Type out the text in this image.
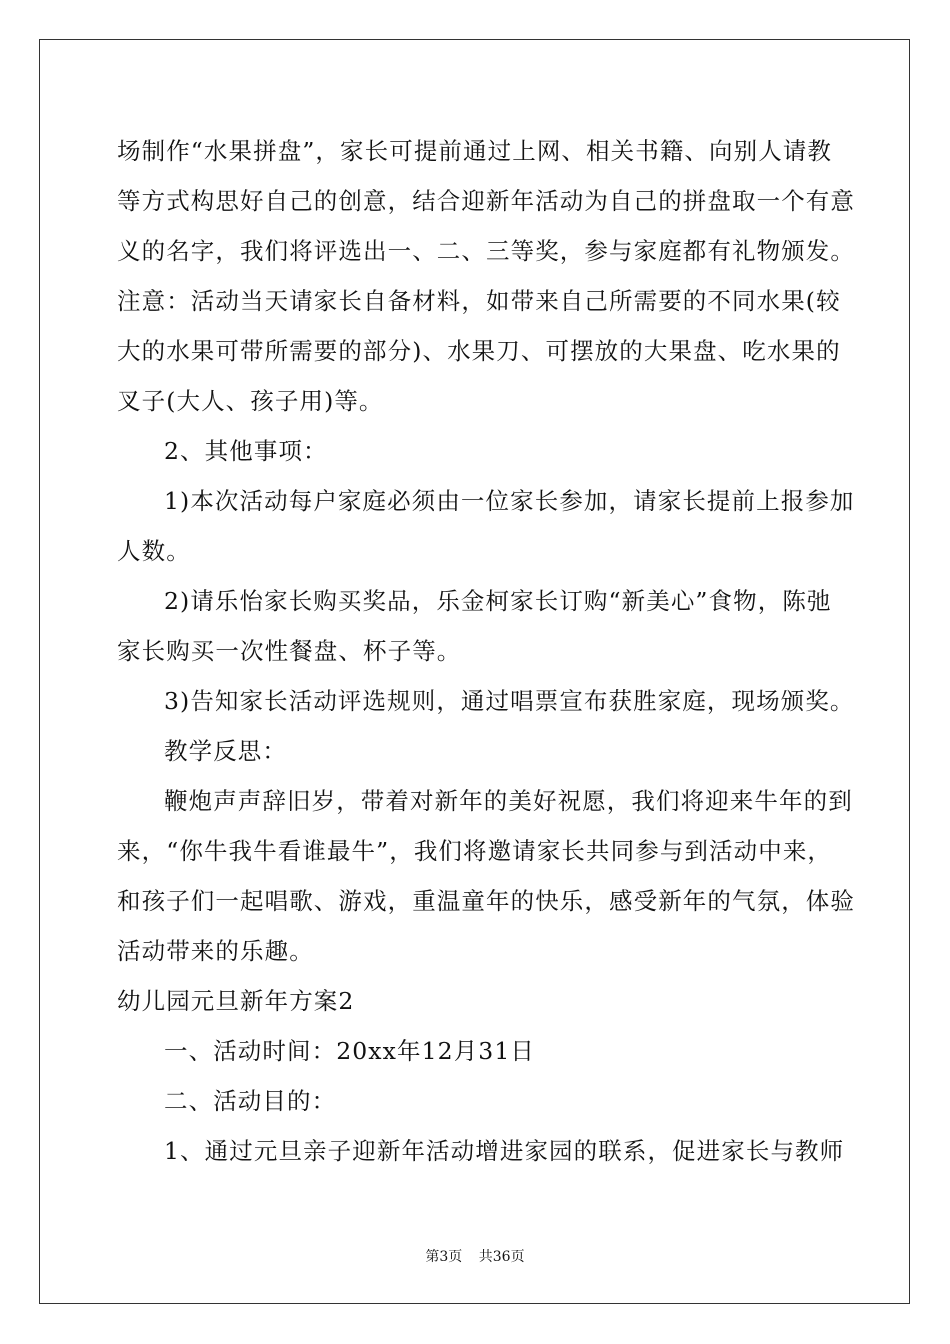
场制作“水果拼盘”，家长可提前通过上网、相关书籍、向别人请教
等方式构思好自己的创意，结合迎新年活动为自己的拼盘取一个有意
义的名字，我们将评选出一、二、三等奖，参与家庭都有礼物颁发。
注意：活动当天请家长自备材料，如带来自己所需要的不同水果(较
大的水果可带所需要的部分)、水果刀、可摆放的大果盘、吃水果的
叉子(大人、孩子用)等。
2、其他事项：
1)本次活动每户家庭必须由一位家长参加，请家长提前上报参加
人数。
2)请乐怡家长购买奖品，乐金柯家长订购“新美心”食物，陈弛
家长购买一次性餐盘、杯子等。
3)告知家长活动评选规则，通过唱票宣布获胜家庭，现场颁奖。
教学反思：
鞭炮声声辞旧岁，带着对新年的美好祝愿，我们将迎来牛年的到
来，“你牛我牛看谁最牛”，我们将邀请家长共同参与到活动中来，
和孩子们一起唱歌、游戏，重温童年的快乐，感受新年的气氛，体验
活动带来的乐趣。
幼儿园元旦新年方案2
一、活动时间：20xx年12月31日
二、活动目的：
1、通过元旦亲子迎新年活动增进家园的联系，促进家长与教师
第3页 共36页
